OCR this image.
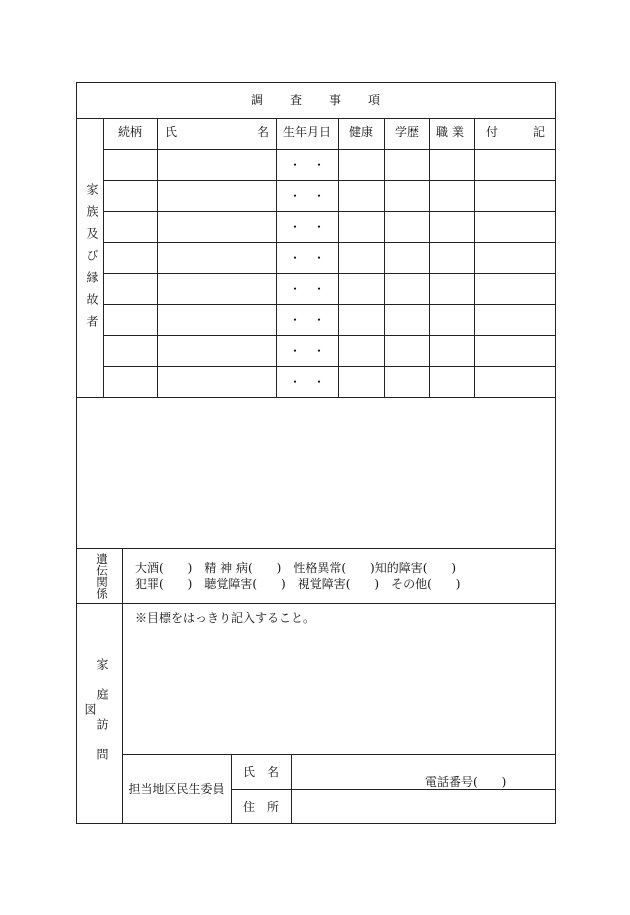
調　　査　　事　　項
続柄 氏	名 生年月日 健康 学歴 職業 付	記
・　・
・　・
・　・
・　・
・　・
・　・
・　・
・　・
家族及び縁故者
遺伝関係 大酒(　　)　精 神 病(　　)　性格異常(　　)知的障害(　　)
犯罪(　　)　聴覚障害(　　)　視覚障害(　　)　その他(　　)
家庭訪問図
※目標をはっきり記入すること。
担当地区民生委員
氏　名
住　所
電話番号(　　)
